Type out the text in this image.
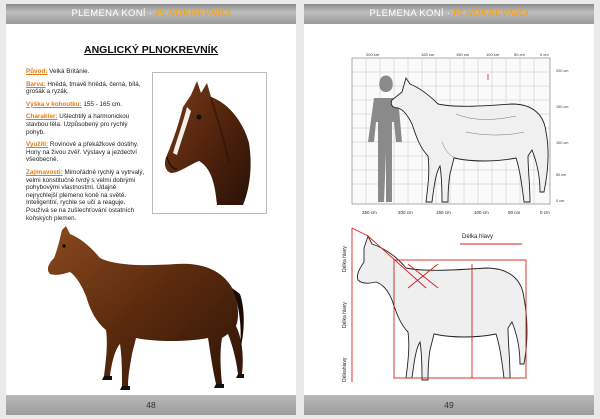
PLEMENA KONÍ · PLNOKREVNÍCI
ANGLICKÝ PLNOKREVNÍK

Původ: Velká Británie.

Barva: Hnědá, tmavě hnědá, černá, bílá, grošák a ryzák.

Výška v kohoutku: 155 - 165 cm.

Charakter: Ušlechtilý a harmonickou stavbou těla. Uzpůsobený pro rychlý pohyb.

Využití: Rovinové a překážkové dostihy. Hony na živou zvěř. Výstavy a jezdectví všeobecně.

Zajímavosti: Mimořádně rychlý a vytrvalý, velmi konstitučně tvrdý s velmi dobrými pohybovými vlastnostmi. Údajně nejrychlejší plemeno koně na světě. Inteligentní, rychle se učí a reaguje. Používá se na zušlechťování ostatních koňských plemen.

48
PLEMENA KONÍ · PLNOKREVNÍCI
200 cm	165 cm	150 cm	100 cm	50 cm	0 cm
250 cm	200 cm	150 cm	100 cm	50 cm	0 cm
200 cm
150 cm
100 cm
50 cm
0 cm
Délka hlavy
Délka hlavy
Délka hlavy
Délkahlavy
49
